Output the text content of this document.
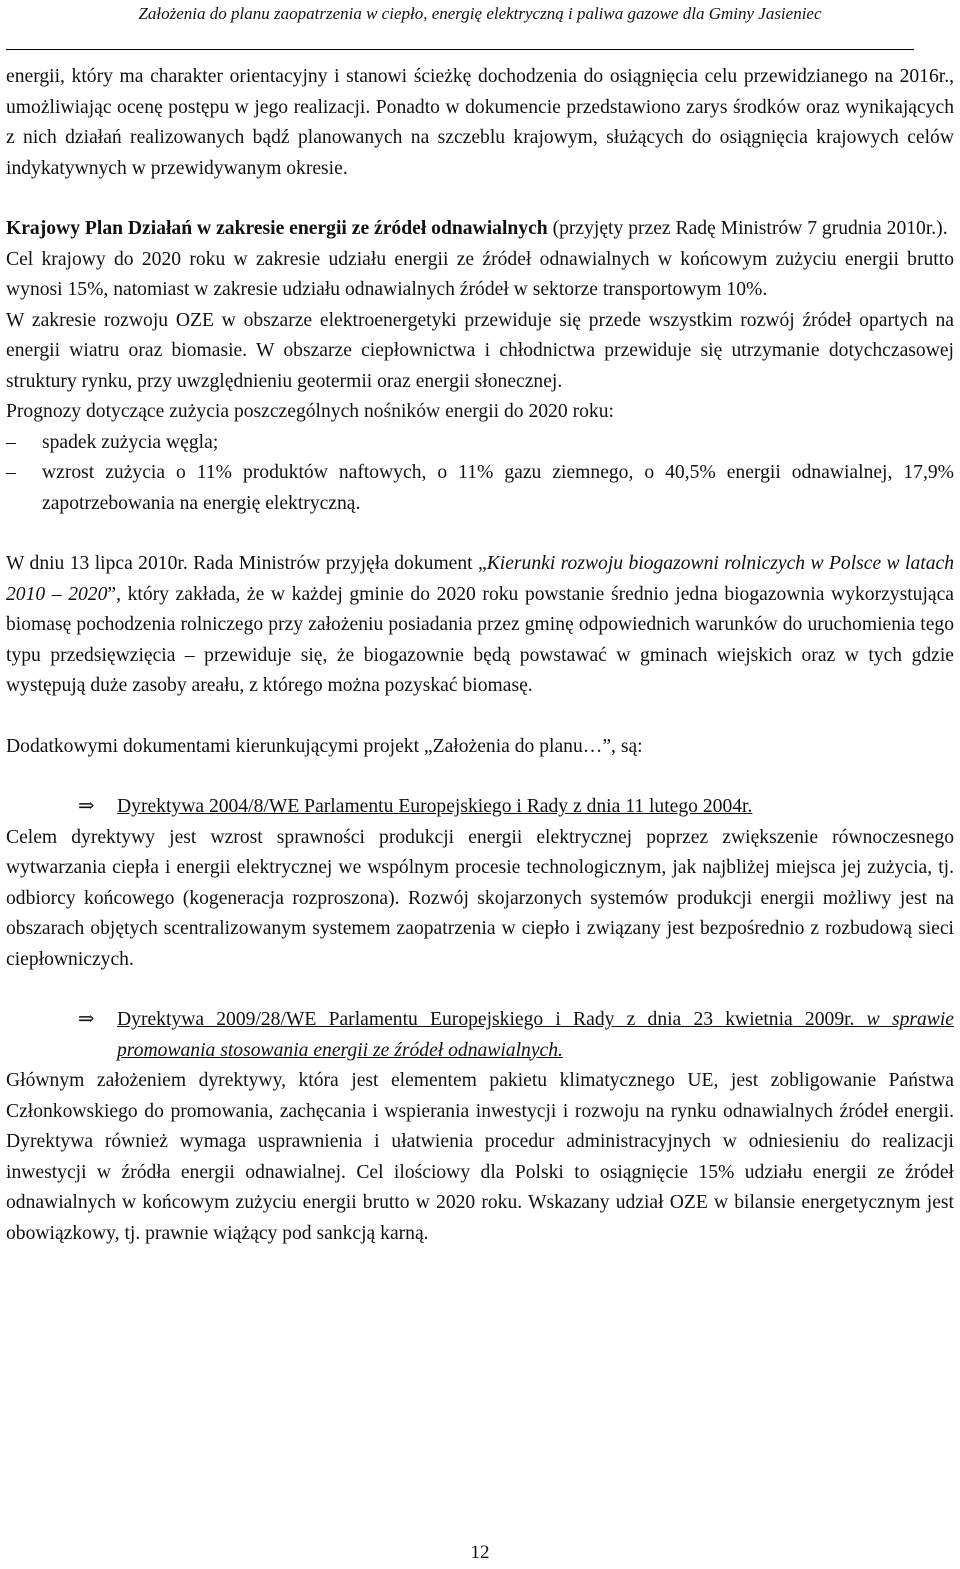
Założenia do planu zaopatrzenia w ciepło, energię elektryczną i paliwa gazowe dla Gminy Jasieniec

energii, który ma charakter orientacyjny i stanowi ścieżkę dochodzenia do osiągnięcia celu przewidzianego na 2016r., umożliwiając ocenę postępu w jego realizacji. Ponadto w dokumencie przedstawiono zarys środków oraz wynikających z nich działań realizowanych bądź planowanych na szczeblu krajowym, służących do osiągnięcia krajowych celów indykatywnych w przewidywanym okresie.

Krajowy Plan Działań w zakresie energii ze źródeł odnawialnych (przyjęty przez Radę Ministrów 7 grudnia 2010r.).

Cel krajowy do 2020 roku w zakresie udziału energii ze źródeł odnawialnych w końcowym zużyciu energii brutto wynosi 15%, natomiast w zakresie udziału odnawialnych źródeł w sektorze transportowym 10%.

W zakresie rozwoju OZE w obszarze elektroenergetyki przewiduje się przede wszystkim rozwój źródeł opartych na energii wiatru oraz biomasie. W obszarze ciepłownictwa i chłodnictwa przewiduje się utrzymanie dotychczasowej struktury rynku, przy uwzględnieniu geotermii oraz energii słonecznej.

Prognozy dotyczące zużycia poszczególnych nośników energii do 2020 roku:

– spadek zużycia węgla;
– wzrost zużycia o 11% produktów naftowych, o 11% gazu ziemnego, o 40,5% energii odnawialnej, 17,9% zapotrzebowania na energię elektryczną.

W dniu 13 lipca 2010r. Rada Ministrów przyjęła dokument „Kierunki rozwoju biogazowni rolniczych w Polsce w latach 2010 – 2020”, który zakłada, że w każdej gminie do 2020 roku powstanie średnio jedna biogazownia wykorzystująca biomasę pochodzenia rolniczego przy założeniu posiadania przez gminę odpowiednich warunków do uruchomienia tego typu przedsięwzięcia – przewiduje się, że biogazownie będą powstawać w gminach wiejskich oraz w tych gdzie występują duże zasoby areału, z którego można pozyskać biomasę.

Dodatkowymi dokumentami kierunkującymi projekt „Założenia do planu…”, są:

⇒ Dyrektywa 2004/8/WE Parlamentu Europejskiego i Rady z dnia 11 lutego 2004r.

Celem dyrektywy jest wzrost sprawności produkcji energii elektrycznej poprzez zwiększenie równoczesnego wytwarzania ciepła i energii elektrycznej we wspólnym procesie technologicznym, jak najbliżej miejsca jej zużycia, tj. odbiorcy końcowego (kogeneracja rozproszona). Rozwój skojarzonych systemów produkcji energii możliwy jest na obszarach objętych scentralizowanym systemem zaopatrzenia w ciepło i związany jest bezpośrednio z rozbudową sieci ciepłowniczych.

⇒ Dyrektywa 2009/28/WE Parlamentu Europejskiego i Rady z dnia 23 kwietnia 2009r. w sprawie promowania stosowania energii ze źródeł odnawialnych.

Głównym założeniem dyrektywy, która jest elementem pakietu klimatycznego UE, jest zobligowanie Państwa Członkowskiego do promowania, zachęcania i wspierania inwestycji i rozwoju na rynku odnawialnych źródeł energii. Dyrektywa również wymaga usprawnienia i ułatwienia procedur administracyjnych w odniesieniu do realizacji inwestycji w źródła energii odnawialnej. Cel ilościowy dla Polski to osiągnięcie 15% udziału energii ze źródeł odnawialnych w końcowym zużyciu energii brutto w 2020 roku. Wskazany udział OZE w bilansie energetycznym jest obowiązkowy, tj. prawnie wiążący pod sankcją karną.

12
